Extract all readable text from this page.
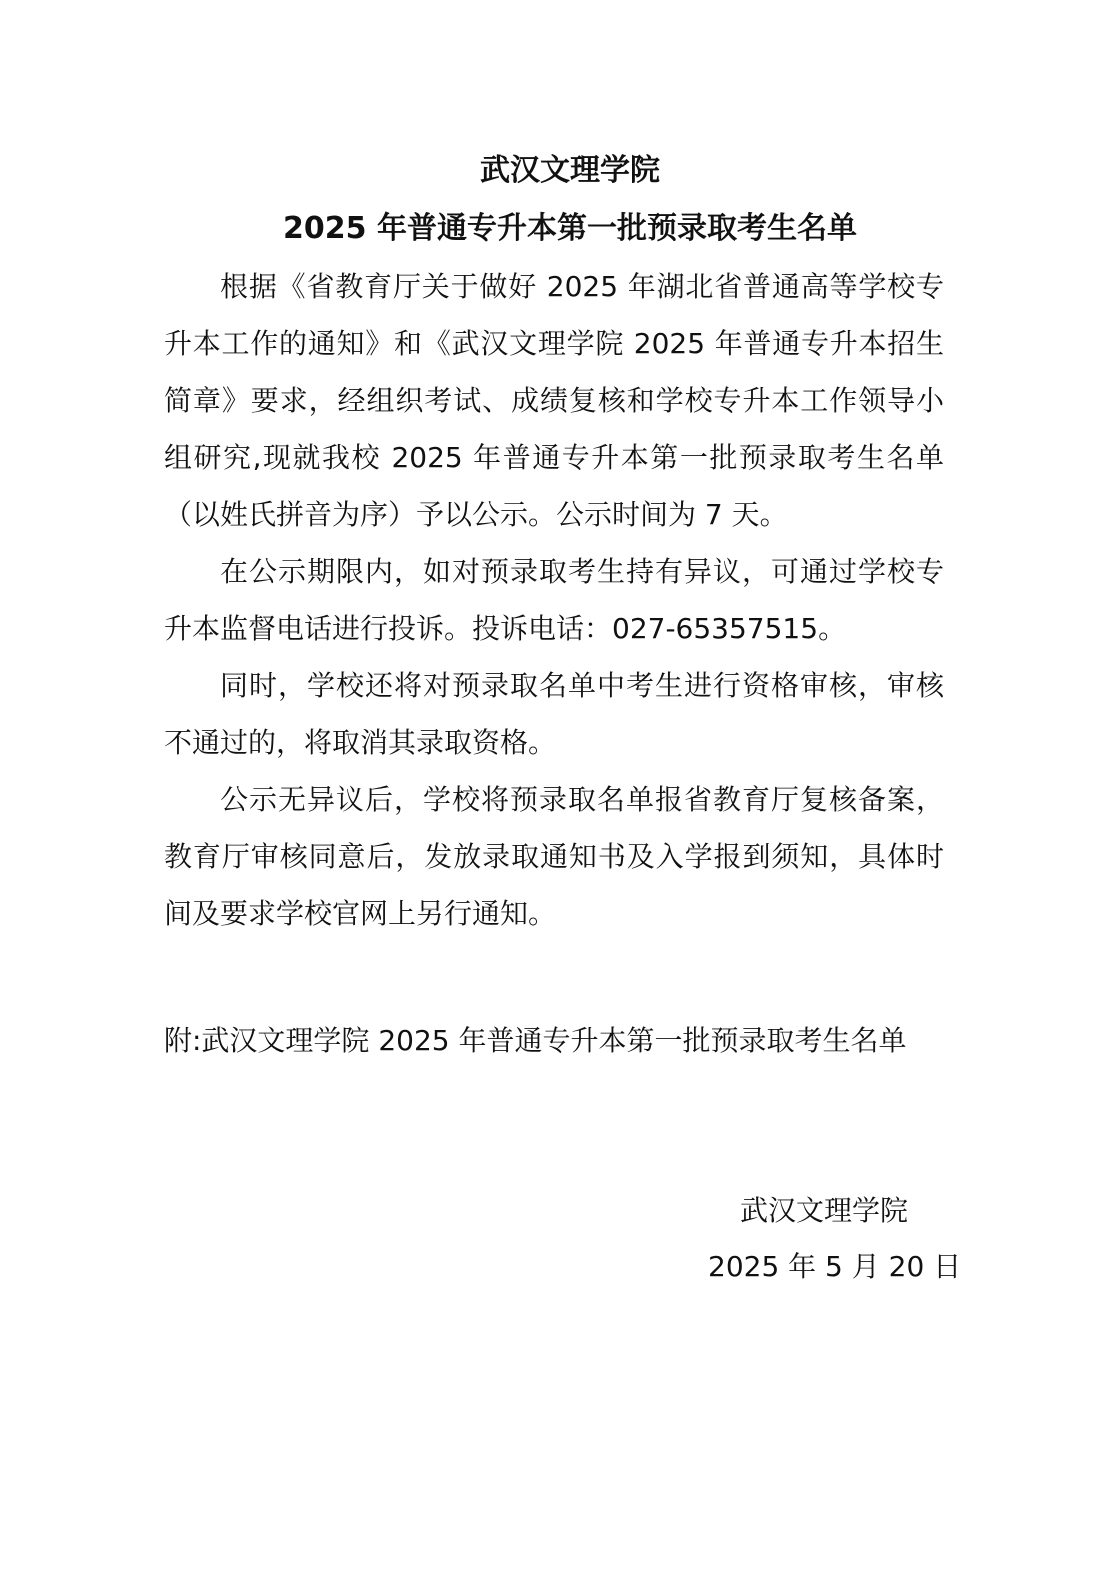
武汉文理学院
2025 年普通专升本第一批预录取考生名单

根据《省教育厅关于做好 2025 年湖北省普通高等学校专升本工作的通知》和《武汉文理学院 2025 年普通专升本招生简章》要求，经组织考试、成绩复核和学校专升本工作领导小组研究,现就我校 2025 年普通专升本第一批预录取考生名单（以姓氏拼音为序）予以公示。公示时间为 7 天。

在公示期限内，如对预录取考生持有异议，可通过学校专升本监督电话进行投诉。投诉电话：027-65357515。

同时，学校还将对预录取名单中考生进行资格审核，审核不通过的，将取消其录取资格。

公示无异议后，学校将预录取名单报省教育厅复核备案，教育厅审核同意后，发放录取通知书及入学报到须知，具体时间及要求学校官网上另行通知。

附:武汉文理学院 2025 年普通专升本第一批预录取考生名单
武汉文理学院
2025 年 5 月 20 日
